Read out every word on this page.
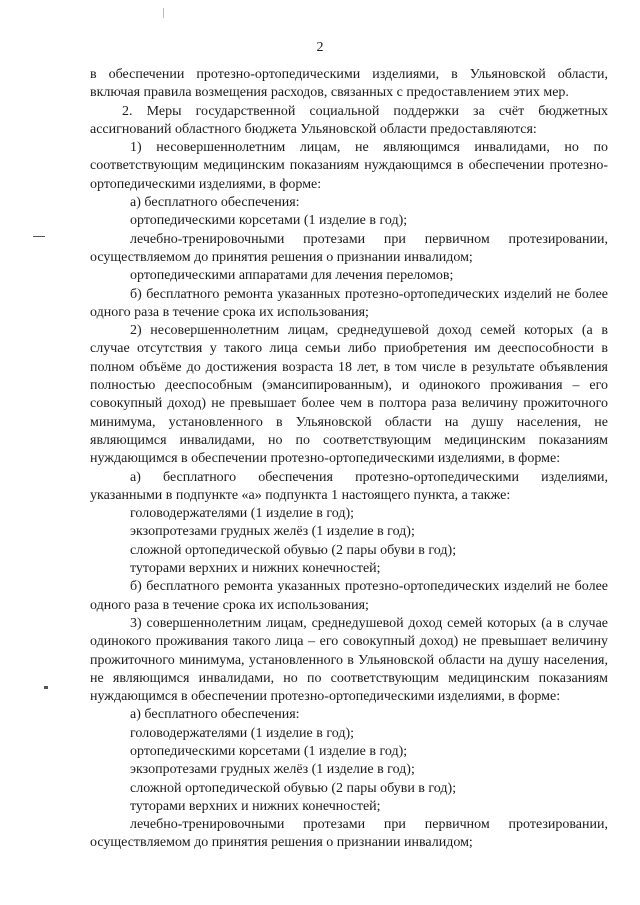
2

в обеспечении протезно-ортопедическими изделиями, в Ульяновской области, включая правила возмещения расходов, связанных с предоставлением этих мер.

2. Меры государственной социальной поддержки за счёт бюджетных ассигнований областного бюджета Ульяновской области предоставляются:

1) несовершеннолетним лицам, не являющимся инвалидами, но по соответствующим медицинским показаниям нуждающимся в обеспечении протезно-ортопедическими изделиями, в форме:

а) бесплатного обеспечения:

ортопедическими корсетами (1 изделие в год);

лечебно-тренировочными протезами при первичном протезировании, осуществляемом до принятия решения о признании инвалидом;

ортопедическими аппаратами для лечения переломов;

б) бесплатного ремонта указанных протезно-ортопедических изделий не более одного раза в течение срока их использования;

2) несовершеннолетним лицам, среднедушевой доход семей которых (а в случае отсутствия у такого лица семьи либо приобретения им дееспособности в полном объёме до достижения возраста 18 лет, в том числе в результате объявления полностью дееспособным (эмансипированным), и одинокого проживания – его совокупный доход) не превышает более чем в полтора раза величину прожиточного минимума, установленного в Ульяновской области на душу населения, не являющимся инвалидами, но по соответствующим медицинским показаниям нуждающимся в обеспечении протезно-ортопедическими изделиями, в форме:

а) бесплатного обеспечения протезно-ортопедическими изделиями, указанными в подпункте «а» подпункта 1 настоящего пункта, а также:

головодержателями (1 изделие в год);

экзопротезами грудных желёз (1 изделие в год);

сложной ортопедической обувью (2 пары обуви в год);

туторами верхних и нижних конечностей;

б) бесплатного ремонта указанных протезно-ортопедических изделий не более одного раза в течение срока их использования;

3) совершеннолетним лицам, среднедушевой доход семей которых (а в случае одинокого проживания такого лица – его совокупный доход) не превышает величину прожиточного минимума, установленного в Ульяновской области на душу населения, не являющимся инвалидами, но по соответствующим медицинским показаниям нуждающимся в обеспечении протезно-ортопедическими изделиями, в форме:

а) бесплатного обеспечения:

головодержателями (1 изделие в год);

ортопедическими корсетами (1 изделие в год);

экзопротезами грудных желёз (1 изделие в год);

сложной ортопедической обувью (2 пары обуви в год);

туторами верхних и нижних конечностей;

лечебно-тренировочными протезами при первичном протезировании, осуществляемом до принятия решения о признании инвалидом;
